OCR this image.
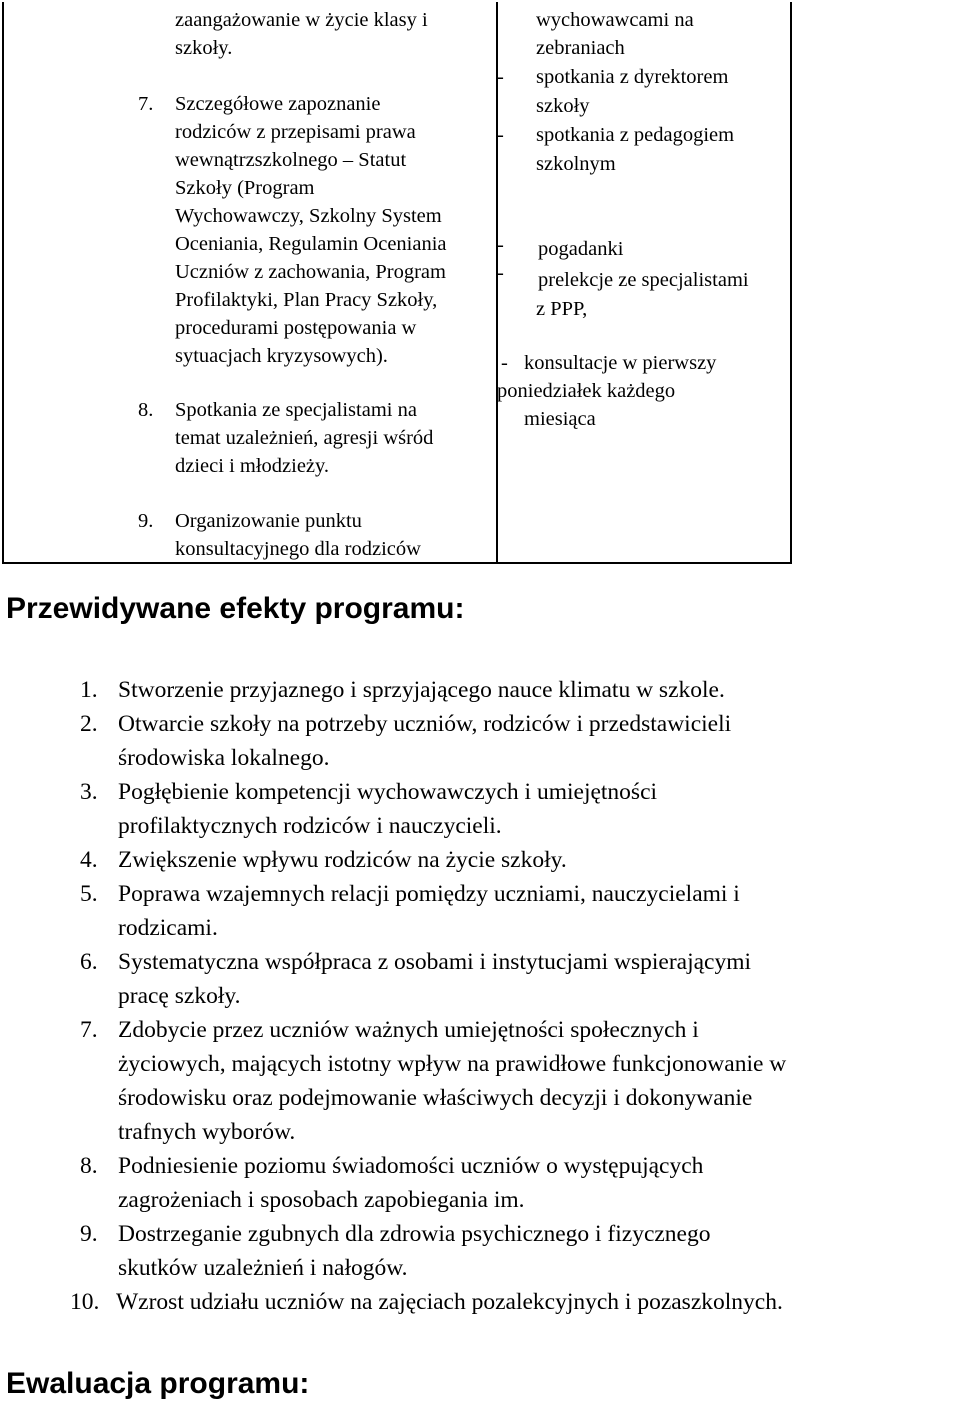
zaangażowanie w życie klasy i
szkoły.
7. Szczegółowe zapoznanie
rodziców z przepisami prawa
wewnątrzszkolnego – Statut
Szkoły (Program
Wychowawczy, Szkolny System
Oceniania, Regulamin Oceniania
Uczniów z zachowania, Program
Profilaktyki, Plan Pracy Szkoły,
procedurami postępowania w
sytuacjach kryzysowych).
8. Spotkania ze specjalistami na
temat uzależnień, agresji wśród
dzieci i młodzieży.
9. Organizowanie punktu
konsultacyjnego dla rodziców
wychowawcami na
zebraniach
- spotkania z dyrektorem
szkoły
- spotkania z pedagogiem
szkolnym
- pogadanki
- prelekcje ze specjalistami
z PPP,
- konsultacje w pierwszy
poniedziałek każdego
miesiąca
Przewidywane efekty programu:
1. Stworzenie przyjaznego i sprzyjającego nauce klimatu w szkole.
2. Otwarcie szkoły na potrzeby uczniów, rodziców i przedstawicieli
środowiska lokalnego.
3. Pogłębienie kompetencji wychowawczych i umiejętności
profilaktycznych rodziców i nauczycieli.
4. Zwiększenie wpływu rodziców na życie szkoły.
5. Poprawa wzajemnych relacji pomiędzy uczniami, nauczycielami i
rodzicami.
6. Systematyczna współpraca z osobami i instytucjami wspierającymi
pracę szkoły.
7. Zdobycie przez uczniów ważnych umiejętności społecznych i
życiowych, mających istotny wpływ na prawidłowe funkcjonowanie w
środowisku oraz podejmowanie właściwych decyzji i dokonywanie
trafnych wyborów.
8. Podniesienie poziomu świadomości uczniów o występujących
zagrożeniach i sposobach zapobiegania im.
9. Dostrzeganie zgubnych dla zdrowia psychicznego i fizycznego
skutków uzależnień i nałogów.
10. Wzrost udziału uczniów na zajęciach pozalekcyjnych i pozaszkolnych.
Ewaluacja programu:
